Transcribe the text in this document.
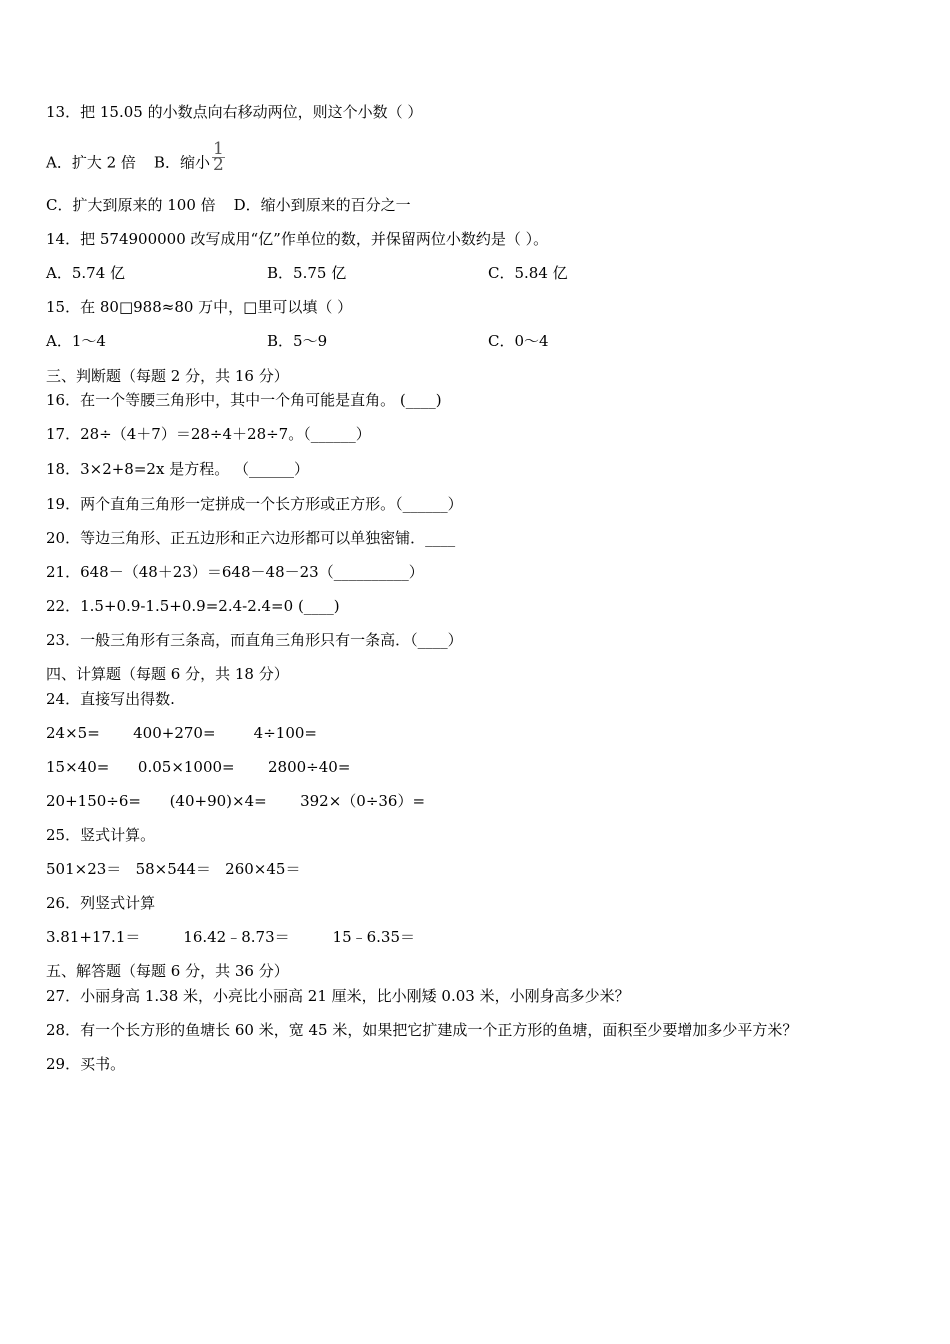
13．把 15.05 的小数点向右移动两位，则这个小数（ ）
A．扩大 2 倍 B．缩小 $\frac{1}{2}$
C．扩大到原来的 100 倍 D．缩小到原来的百分之一
14．把 574900000 改写成用“亿”作单位的数，并保留两位小数约是（ ）。
A．5.74 亿	B．5.75 亿	C．5.84 亿
15．在 80□988≈80 万中，□里可以填（ ）
A．1～4	B．5～9	C．0～4
三、判断题（每题 2 分，共 16 分）
16．在一个等腰三角形中，其中一个角可能是直角。 (____)
17．28÷（4＋7）＝28÷4＋28÷7。（______）
18．3×2+8=2x 是方程。 （______）
19．两个直角三角形一定拼成一个长方形或正方形。（______）
20．等边三角形、正五边形和正六边形都可以单独密铺．____
21．648－（48＋23）＝648－48－23（__________）
22．1.5+0.9-1.5+0.9=2.4-2.4=0 (____)
23．一般三角形有三条高，而直角三角形只有一条高．（____）
四、计算题（每题 6 分，共 18 分）
24．直接写出得数.
24×5=       400+270=        4÷100=
15×40=      0.05×1000=       2800÷40=
20+150÷6=      (40+90)×4=       392×（0÷36）=
25．竖式计算。
501×23＝   58×544＝   260×45＝
26．列竖式计算
3.81+17.1＝         16.42﹣8.73＝         15﹣6.35＝
五、解答题（每题 6 分，共 36 分）
27．小丽身高 1.38 米，小亮比小丽高 21 厘米，比小刚矮 0.03 米，小刚身高多少米？
28．有一个长方形的鱼塘长 60 米，宽 45 米，如果把它扩建成一个正方形的鱼塘，面积至少要增加多少平方米？
29．买书。
